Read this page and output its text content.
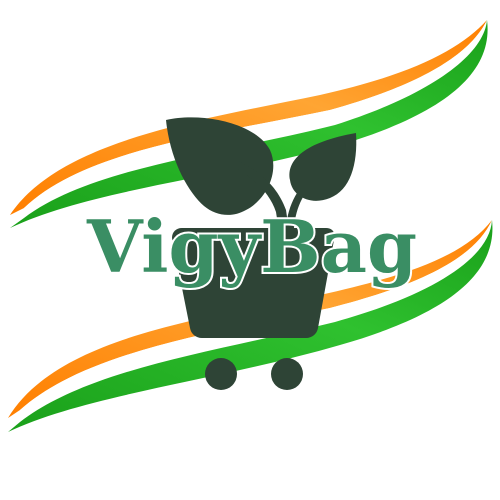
VigyBag
